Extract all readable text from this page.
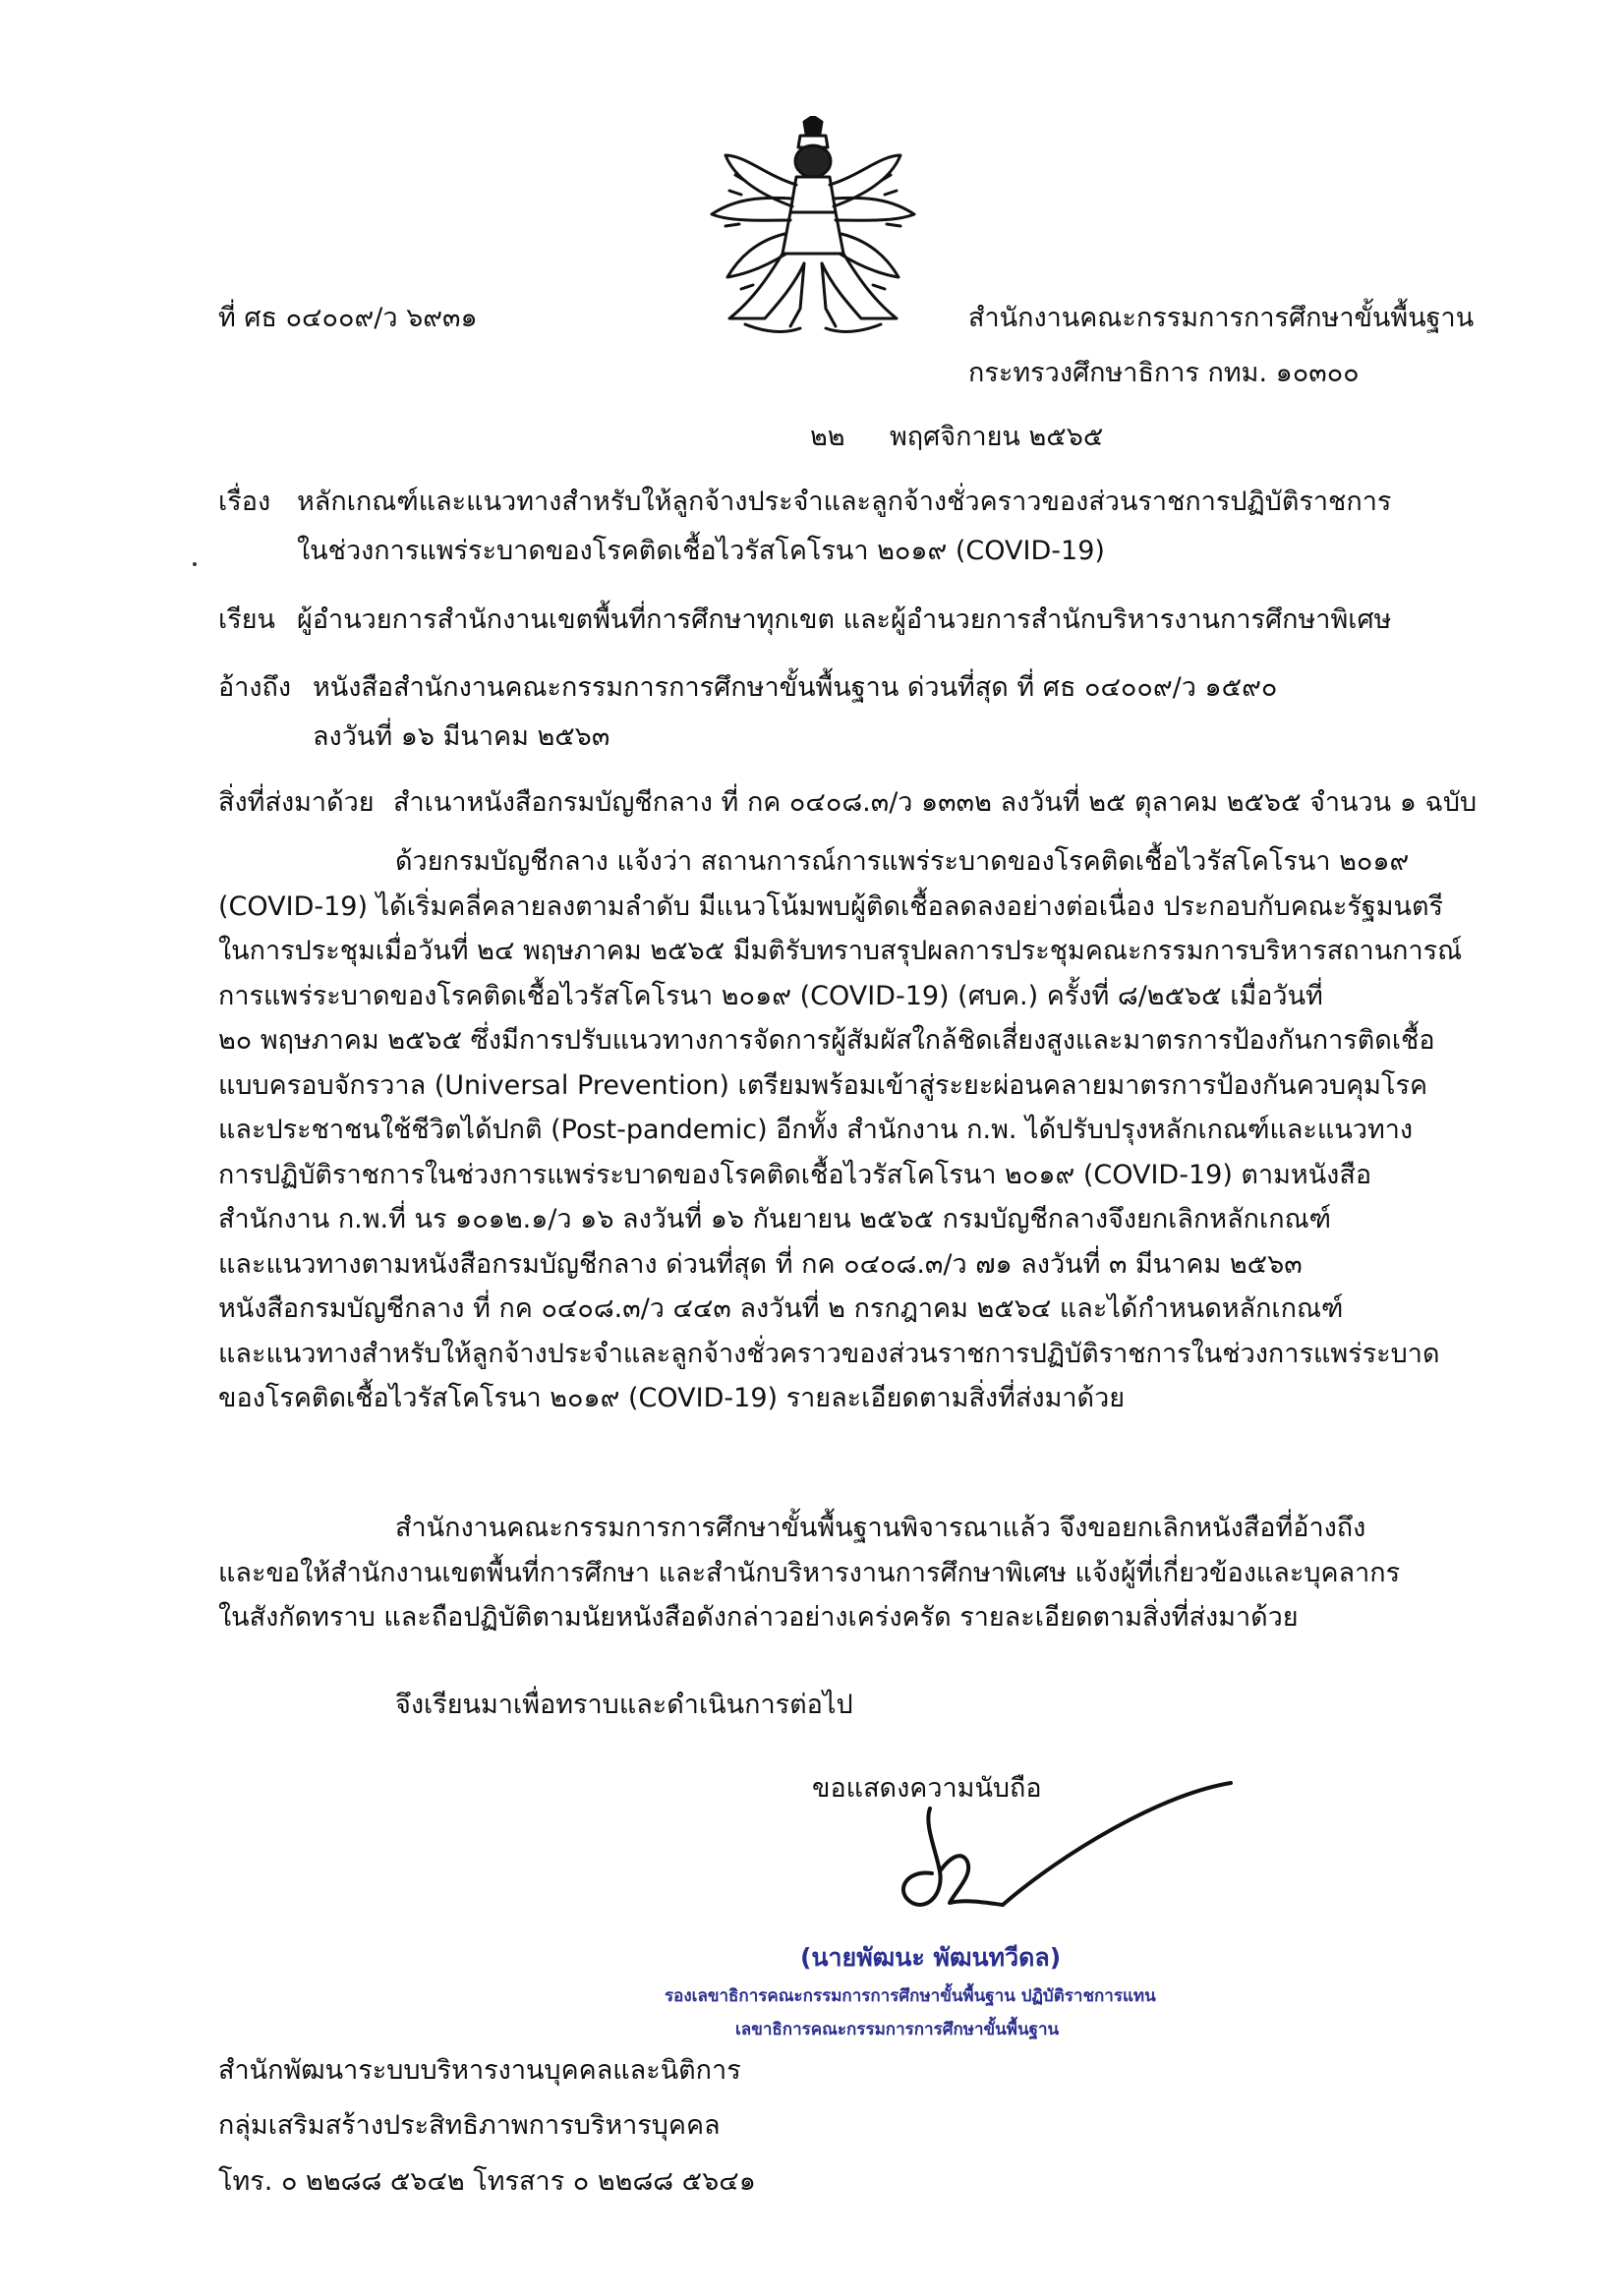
ที่ ศธ ๐๔๐๐๙/ว ๖๙๓๑	สำนักงานคณะกรรมการการศึกษาขั้นพื้นฐาน
กระทรวงศึกษาธิการ กทม. ๑๐๓๐๐
๒๒ พฤศจิกายน ๒๕๖๕
เรื่อง หลักเกณฑ์และแนวทางสำหรับให้ลูกจ้างประจำและลูกจ้างชั่วคราวของส่วนราชการปฏิบัติราชการ
ในช่วงการแพร่ระบาดของโรคติดเชื้อไวรัสโคโรนา ๒๐๑๙ (COVID-19)
เรียน ผู้อำนวยการสำนักงานเขตพื้นที่การศึกษาทุกเขต และผู้อำนวยการสำนักบริหารงานการศึกษาพิเศษ
อ้างถึง หนังสือสำนักงานคณะกรรมการการศึกษาขั้นพื้นฐาน ด่วนที่สุด ที่ ศธ ๐๔๐๐๙/ว ๑๕๙๐
ลงวันที่ ๑๖ มีนาคม ๒๕๖๓
สิ่งที่ส่งมาด้วย สำเนาหนังสือกรมบัญชีกลาง ที่ กค ๐๔๐๘.๓/ว ๑๓๓๒ ลงวันที่ ๒๕ ตุลาคม ๒๕๖๕ จำนวน ๑ ฉบับ
ด้วยกรมบัญชีกลาง แจ้งว่า สถานการณ์การแพร่ระบาดของโรคติดเชื้อไวรัสโคโรนา ๒๐๑๙
(COVID-19) ได้เริ่มคลี่คลายลงตามลำดับ มีแนวโน้มพบผู้ติดเชื้อลดลงอย่างต่อเนื่อง ประกอบกับคณะรัฐมนตรี
ในการประชุมเมื่อวันที่ ๒๔ พฤษภาคม ๒๕๖๕ มีมติรับทราบสรุปผลการประชุมคณะกรรมการบริหารสถานการณ์
การแพร่ระบาดของโรคติดเชื้อไวรัสโคโรนา ๒๐๑๙ (COVID-19) (ศบค.) ครั้งที่ ๘/๒๕๖๕ เมื่อวันที่
๒๐ พฤษภาคม ๒๕๖๕ ซึ่งมีการปรับแนวทางการจัดการผู้สัมผัสใกล้ชิดเสี่ยงสูงและมาตรการป้องกันการติดเชื้อ
แบบครอบจักรวาล (Universal Prevention) เตรียมพร้อมเข้าสู่ระยะผ่อนคลายมาตรการป้องกันควบคุมโรค
และประชาชนใช้ชีวิตได้ปกติ (Post-pandemic) อีกทั้ง สำนักงาน ก.พ. ได้ปรับปรุงหลักเกณฑ์และแนวทาง
การปฏิบัติราชการในช่วงการแพร่ระบาดของโรคติดเชื้อไวรัสโคโรนา ๒๐๑๙ (COVID-19) ตามหนังสือ
สำนักงาน ก.พ.ที่ นร ๑๐๑๒.๑/ว ๑๖ ลงวันที่ ๑๖ กันยายน ๒๕๖๕ กรมบัญชีกลางจึงยกเลิกหลักเกณฑ์
และแนวทางตามหนังสือกรมบัญชีกลาง ด่วนที่สุด ที่ กค ๐๔๐๘.๓/ว ๗๑ ลงวันที่ ๓ มีนาคม ๒๕๖๓
หนังสือกรมบัญชีกลาง ที่ กค ๐๔๐๘.๓/ว ๔๔๓ ลงวันที่ ๒ กรกฎาคม ๒๕๖๔ และได้กำหนดหลักเกณฑ์
และแนวทางสำหรับให้ลูกจ้างประจำและลูกจ้างชั่วคราวของส่วนราชการปฏิบัติราชการในช่วงการแพร่ระบาด
ของโรคติดเชื้อไวรัสโคโรนา ๒๐๑๙ (COVID-19) รายละเอียดตามสิ่งที่ส่งมาด้วย
สำนักงานคณะกรรมการการศึกษาขั้นพื้นฐานพิจารณาแล้ว จึงขอยกเลิกหนังสือที่อ้างถึง
และขอให้สำนักงานเขตพื้นที่การศึกษา และสำนักบริหารงานการศึกษาพิเศษ แจ้งผู้ที่เกี่ยวข้องและบุคลากร
ในสังกัดทราบ และถือปฏิบัติตามนัยหนังสือดังกล่าวอย่างเคร่งครัด รายละเอียดตามสิ่งที่ส่งมาด้วย
จึงเรียนมาเพื่อทราบและดำเนินการต่อไป
ขอแสดงความนับถือ
(นายพัฒนะ พัฒนทวีดล)
รองเลขาธิการคณะกรรมการการศึกษาขั้นพื้นฐาน ปฏิบัติราชการแทน
เลขาธิการคณะกรรมการการศึกษาขั้นพื้นฐาน
สำนักพัฒนาระบบบริหารงานบุคคลและนิติการ
กลุ่มเสริมสร้างประสิทธิภาพการบริหารบุคคล
โทร. ๐ ๒๒๘๘ ๕๖๔๒ โทรสาร ๐ ๒๒๘๘ ๕๖๔๑
